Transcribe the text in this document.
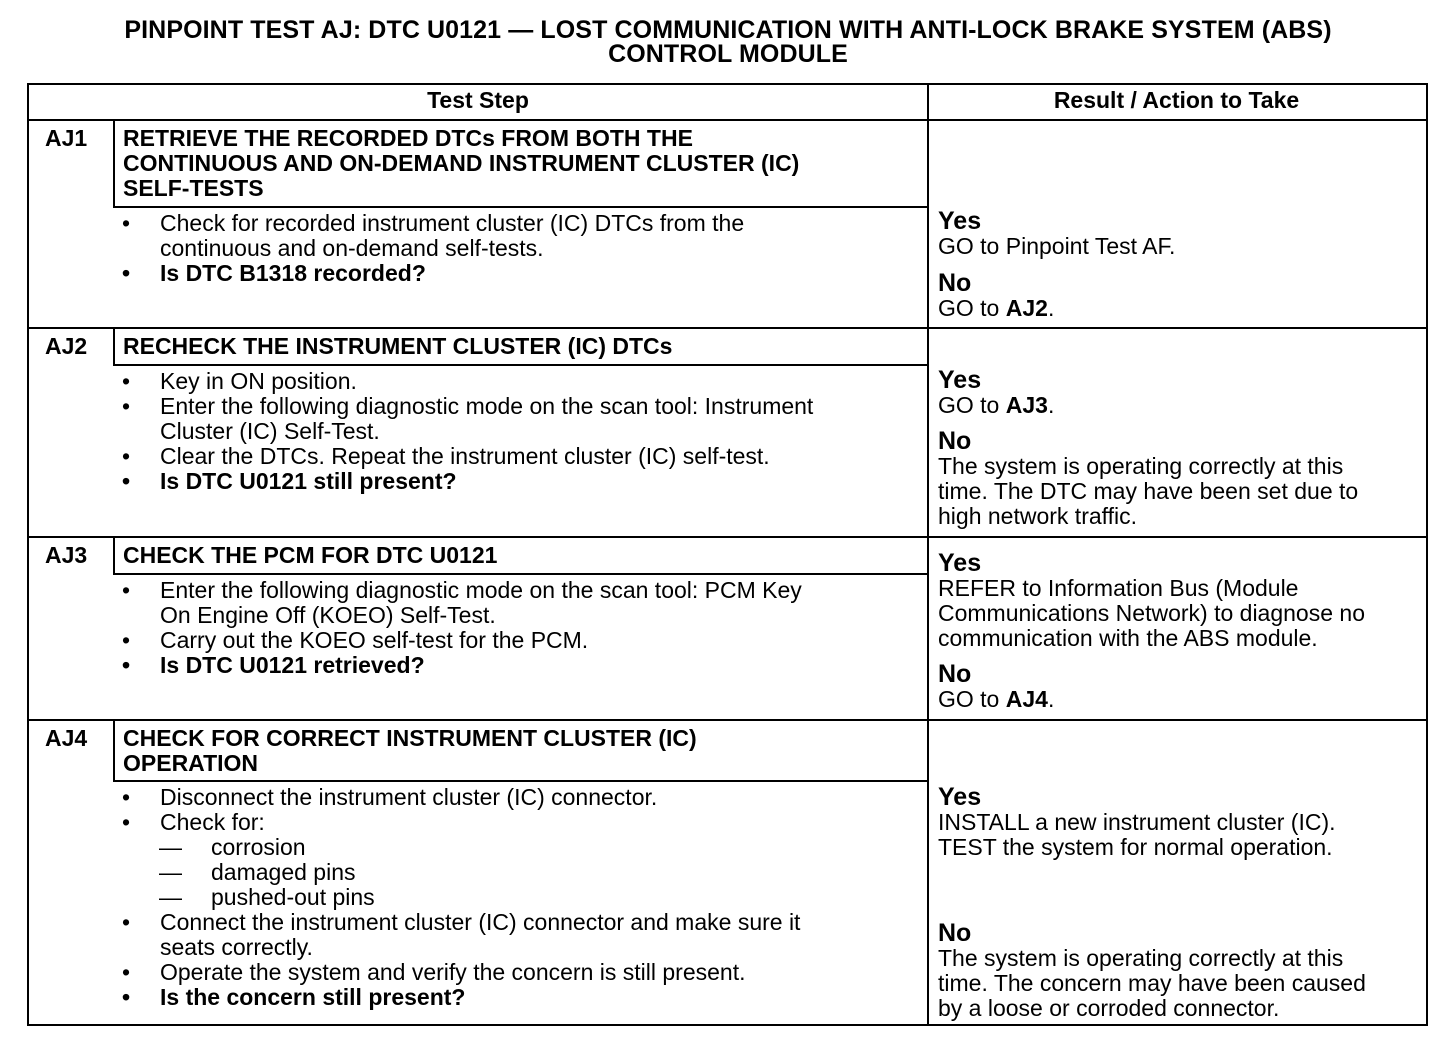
PINPOINT TEST AJ: DTC U0121 — LOST COMMUNICATION WITH ANTI-LOCK BRAKE SYSTEM (ABS)
CONTROL MODULE
Test Step	Result / Action to Take
AJ1 RETRIEVE THE RECORDED DTCs FROM BOTH THE
CONTINUOUS AND ON-DEMAND INSTRUMENT CLUSTER (IC)
SELF-TESTS
• Check for recorded instrument cluster (IC) DTCs from the
continuous and on-demand self-tests.
• Is DTC B1318 recorded?
Yes
GO to Pinpoint Test AF.
No
GO to AJ2.
AJ2 RECHECK THE INSTRUMENT CLUSTER (IC) DTCs
• Key in ON position.
• Enter the following diagnostic mode on the scan tool: Instrument
Cluster (IC) Self-Test.
• Clear the DTCs. Repeat the instrument cluster (IC) self-test.
• Is DTC U0121 still present?
Yes
GO to AJ3.
No
The system is operating correctly at this
time. The DTC may have been set due to
high network traffic.
AJ3 CHECK THE PCM FOR DTC U0121
• Enter the following diagnostic mode on the scan tool: PCM Key
On Engine Off (KOEO) Self-Test.
• Carry out the KOEO self-test for the PCM.
• Is DTC U0121 retrieved?
Yes
REFER to Information Bus (Module
Communications Network) to diagnose no
communication with the ABS module.
No
GO to AJ4.
AJ4 CHECK FOR CORRECT INSTRUMENT CLUSTER (IC)
OPERATION
• Disconnect the instrument cluster (IC) connector.
• Check for:
— corrosion
— damaged pins
— pushed-out pins
• Connect the instrument cluster (IC) connector and make sure it
seats correctly.
• Operate the system and verify the concern is still present.
• Is the concern still present?
Yes
INSTALL a new instrument cluster (IC).
TEST the system for normal operation.
No
The system is operating correctly at this
time. The concern may have been caused
by a loose or corroded connector.
